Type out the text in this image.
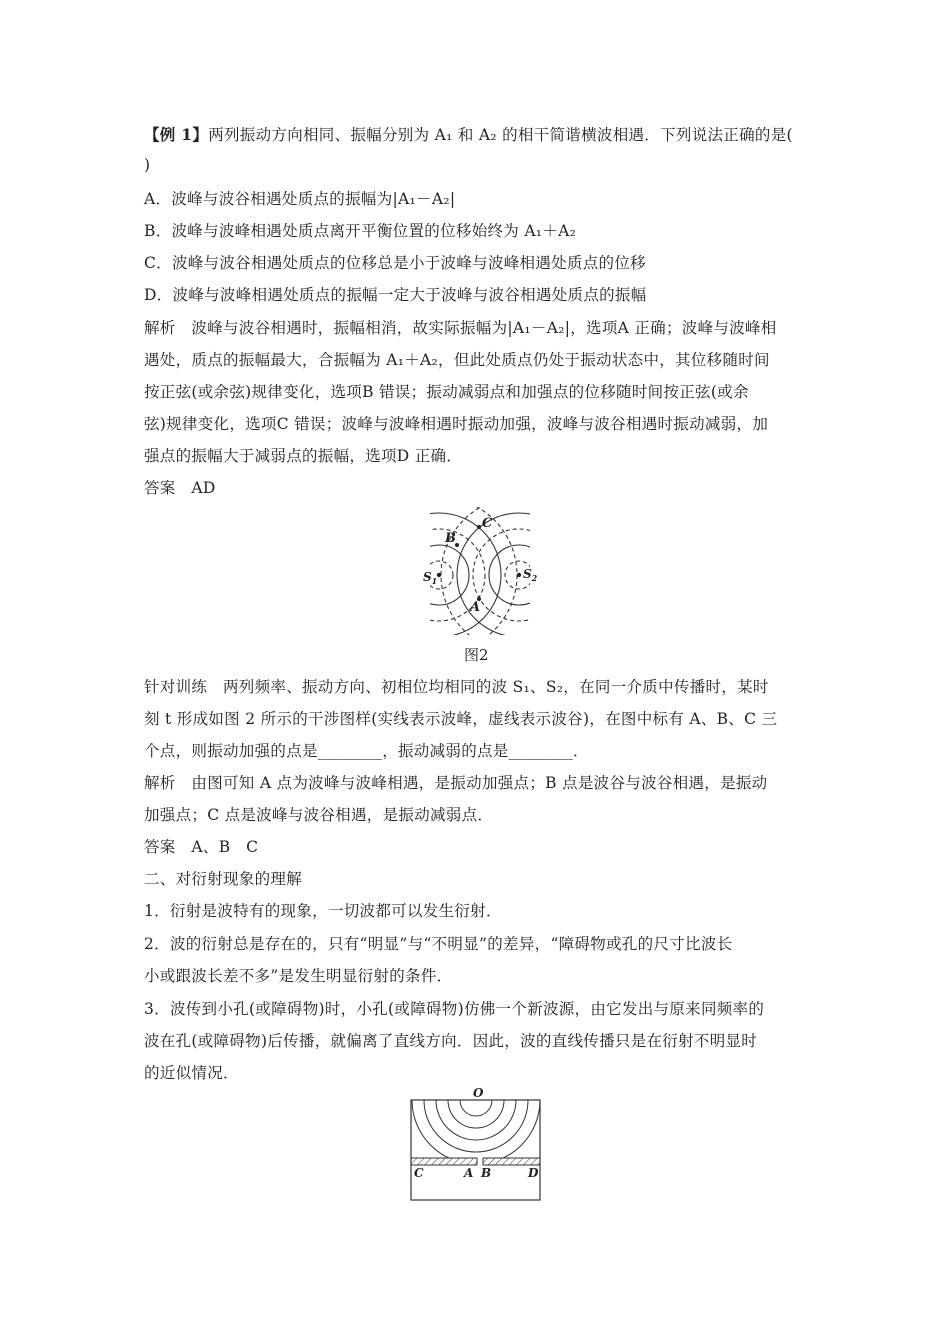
【例 1】两列振动方向相同、振幅分别为 A₁ 和 A₂ 的相干简谐横波相遇．下列说法正确的是(
)
A．波峰与波谷相遇处质点的振幅为|A₁－A₂|
B．波峰与波峰相遇处质点离开平衡位置的位移始终为 A₁＋A₂
C．波峰与波谷相遇处质点的位移总是小于波峰与波峰相遇处质点的位移
D．波峰与波峰相遇处质点的振幅一定大于波峰与波谷相遇处质点的振幅
解析　波峰与波谷相遇时，振幅相消，故实际振幅为|A₁－A₂|，选项A 正确；波峰与波峰相
遇处，质点的振幅最大，合振幅为 A₁＋A₂，但此处质点仍处于振动状态中，其位移随时间
按正弦(或余弦)规律变化，选项B 错误；振动减弱点和加强点的位移随时间按正弦(或余
弦)规律变化，选项C 错误；波峰与波峰相遇时振动加强，波峰与波谷相遇时振动减弱，加
强点的振幅大于减弱点的振幅，选项D 正确．
答案　AD
C
B
A
$S_1$	$S_2$
图2
针对训练　两列频率、振动方向、初相位均相同的波 S₁、S₂，在同一介质中传播时，某时
刻 t 形成如图 2 所示的干涉图样(实线表示波峰，虚线表示波谷)，在图中标有 A、B、C 三
个点，则振动加强的点是________，振动减弱的点是________．
解析　由图可知 A 点为波峰与波峰相遇，是振动加强点；B 点是波谷与波谷相遇，是振动
加强点；C 点是波峰与波谷相遇，是振动减弱点．
答案　A、B　C
二、对衍射现象的理解
1．衍射是波特有的现象，一切波都可以发生衍射．
2．波的衍射总是存在的，只有“明显”与“不明显”的差异，“障碍物或孔的尺寸比波长
小或跟波长差不多”是发生明显衍射的条件．
3．波传到小孔(或障碍物)时，小孔(或障碍物)仿佛一个新波源，由它发出与原来同频率的
波在孔(或障碍物)后传播，就偏离了直线方向．因此，波的直线传播只是在衍射不明显时
的近似情况．
O
C	A B	D
